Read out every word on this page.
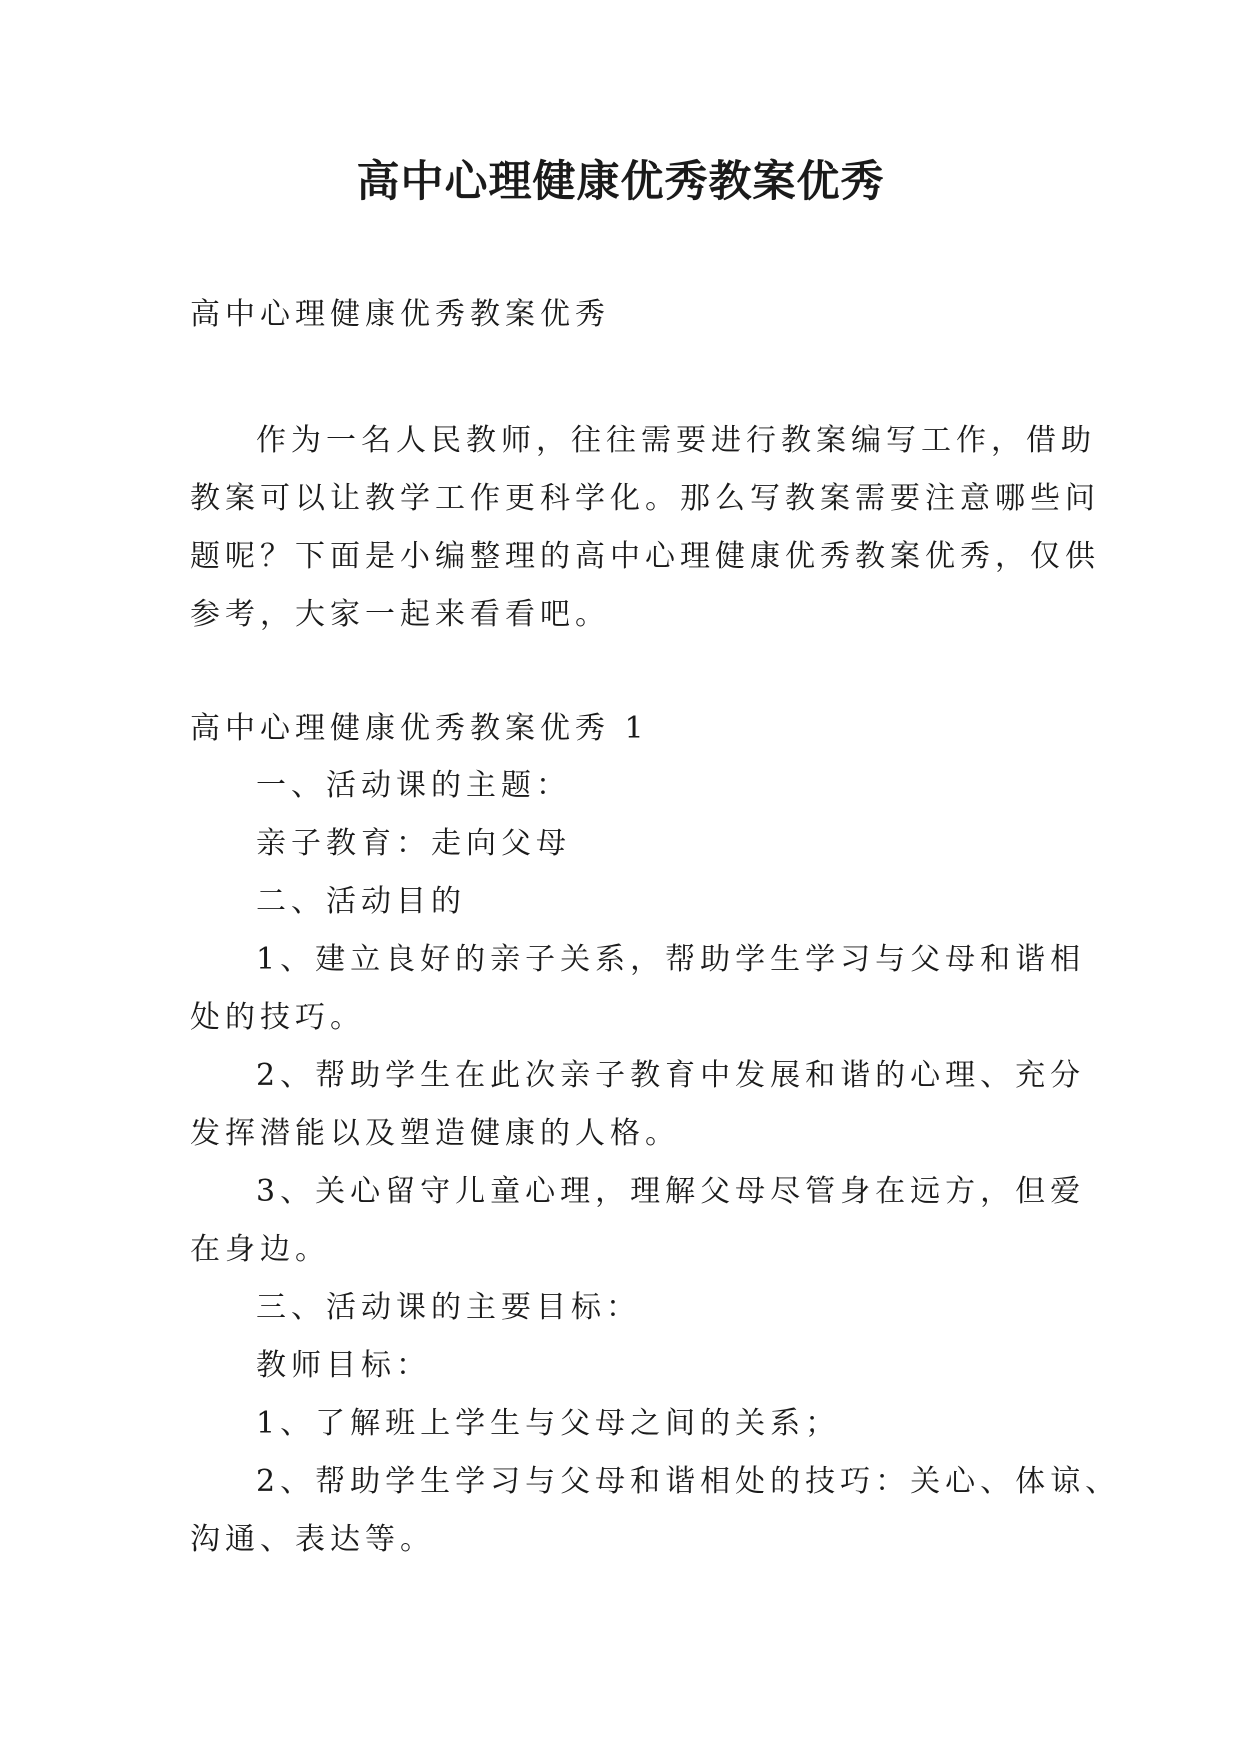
高中心理健康优秀教案优秀
高中心理健康优秀教案优秀
作为一名人民教师，往往需要进行教案编写工作，借助
教案可以让教学工作更科学化。那么写教案需要注意哪些问
题呢？下面是小编整理的高中心理健康优秀教案优秀，仅供
参考，大家一起来看看吧。
高中心理健康优秀教案优秀 1
一、活动课的主题：
亲子教育：走向父母
二、活动目的
1、建立良好的亲子关系，帮助学生学习与父母和谐相
处的技巧。
2、帮助学生在此次亲子教育中发展和谐的心理、充分
发挥潜能以及塑造健康的人格。
3、关心留守儿童心理，理解父母尽管身在远方，但爱
在身边。
三、活动课的主要目标：
教师目标：
1、了解班上学生与父母之间的关系；
2、帮助学生学习与父母和谐相处的技巧：关心、体谅、
沟通、表达等。
